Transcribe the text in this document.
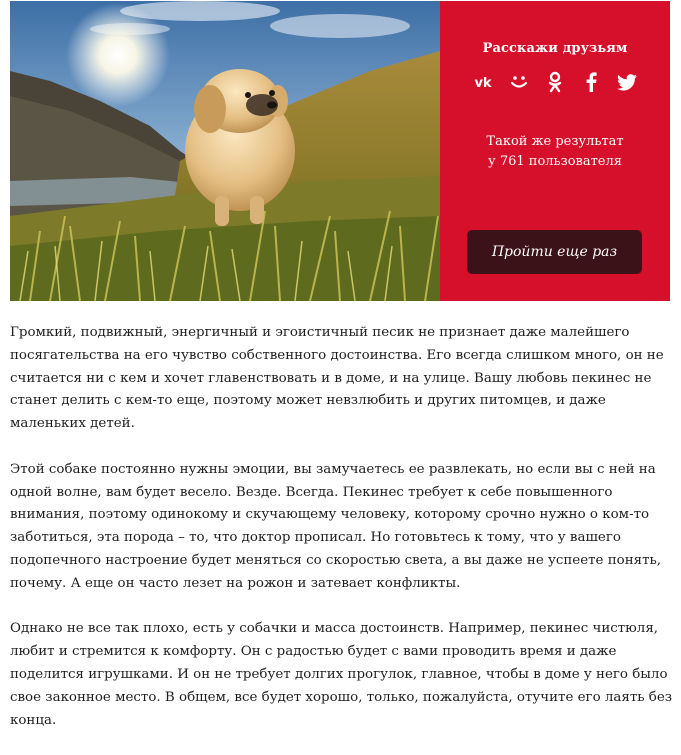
Расскажи друзьям
vk
Такой же результат
у 761 пользователя
Пройти еще раз

Громкий, подвижный, энергичный и эгоистичный песик не признает даже малейшего посягательства на его чувство собственного достоинства. Его всегда слишком много, он не считается ни с кем и хочет главенствовать и в доме, и на улице. Вашу любовь пекинес не станет делить с кем-то еще, поэтому может невзлюбить и других питомцев, и даже маленьких детей.

Этой собаке постоянно нужны эмоции, вы замучаетесь ее развлекать, но если вы с ней на одной волне, вам будет весело. Везде. Всегда. Пекинес требует к себе повышенного внимания, поэтому одинокому и скучающему человеку, которому срочно нужно о ком-то заботиться, эта порода – то, что доктор прописал. Но готовьтесь к тому, что у вашего подопечного настроение будет меняться со скоростью света, а вы даже не успеете понять, почему. А еще он часто лезет на рожон и затевает конфликты.

Однако не все так плохо, есть у собачки и масса достоинств. Например, пекинес чистюля, любит и стремится к комфорту. Он с радостью будет с вами проводить время и даже поделится игрушками. И он не требует долгих прогулок, главное, чтобы в доме у него было свое законное место. В общем, все будет хорошо, только, пожалуйста, отучите его лаять без конца.
